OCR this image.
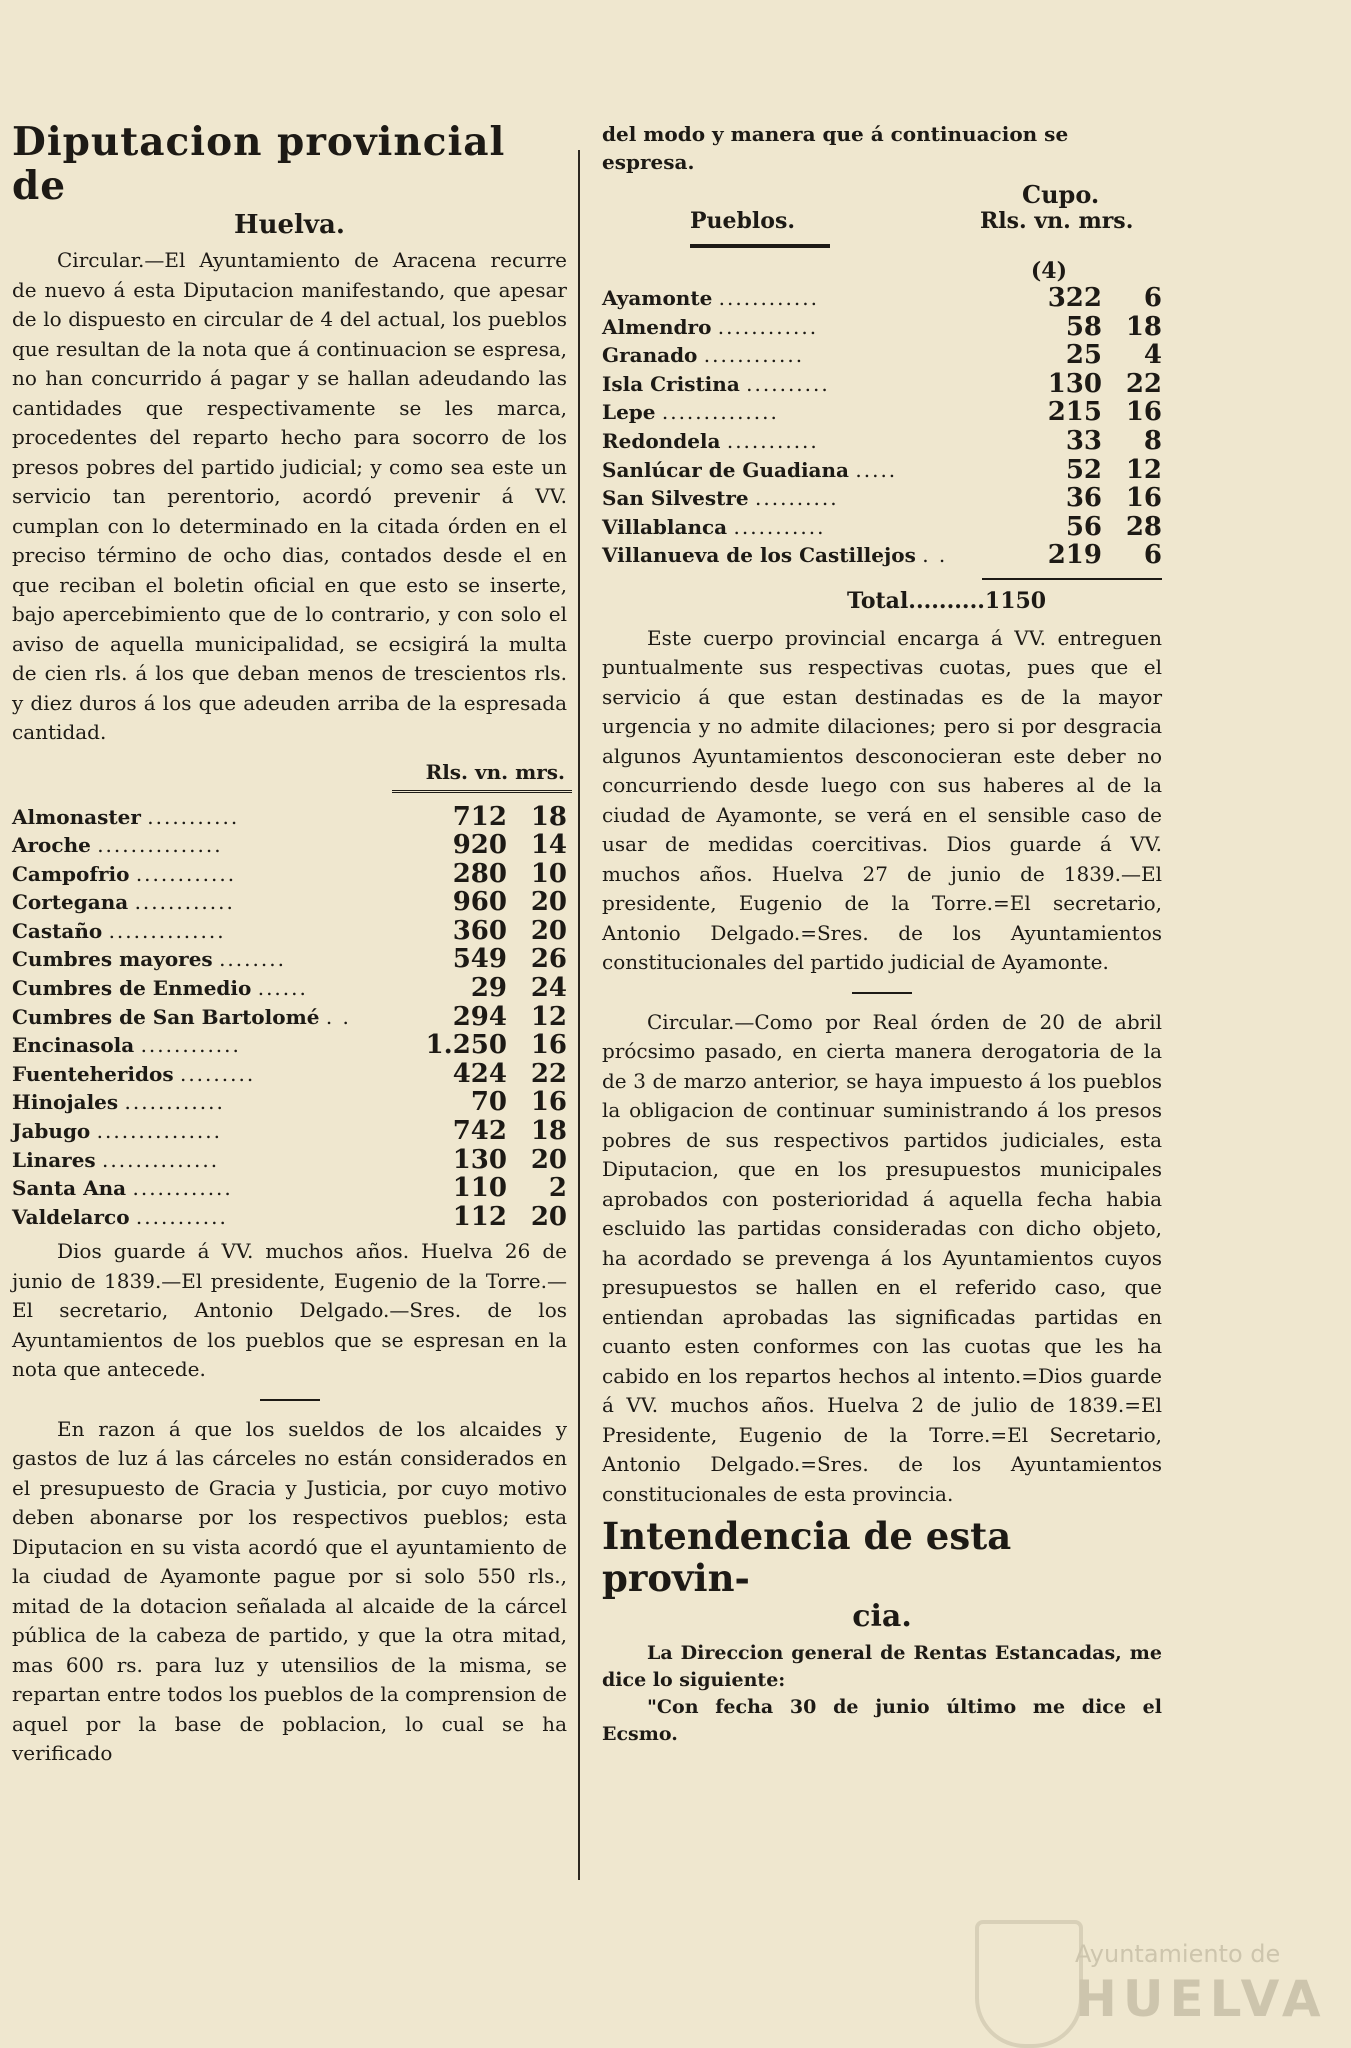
Diputacion provincial de
Huelva.

Circular.—El Ayuntamiento de Aracena recurre de nuevo á esta Diputacion manifestando, que apesar de lo dispuesto en circular de 4 del actual, los pueblos que resultan de la nota que á continuacion se espresa, no han concurrido á pagar y se hallan adeudando las cantidades que respectivamente se les marca, procedentes del reparto hecho para socorro de los presos pobres del partido judicial; y como sea este un servicio tan perentorio, acordó prevenir á VV. cumplan con lo determinado en la citada órden en el preciso término de ocho dias, contados desde el en que reciban el boletin oficial en que esto se inserte, bajo apercebimiento que de lo contrario, y con solo el aviso de aquella municipalidad, se ecsigirá la multa de cien rls. á los que deban menos de trescientos rls. y diez duros á los que adeuden arriba de la espresada cantidad.

Rls. vn. mrs.
Almonaster ...........	712	18
Aroche ...............	920	14
Campofrio ............	280	10
Cortegana ............	960	20
Castaño ..............	360	20
Cumbres mayores ........	549	26
Cumbres de Enmedio ......	29	24
Cumbres de San Bartolomé . .	294	12
Encinasola ............	1.250	16
Fuenteheridos .........	424	22
Hinojales ............	70	16
Jabugo ...............	742	18
Linares ..............	130	20
Santa Ana ............	110	2
Valdelarco ...........	112	20

Dios guarde á VV. muchos años. Huelva 26 de junio de 1839.—El presidente, Eugenio de la Torre.—El secretario, Antonio Delgado.—Sres. de los Ayuntamientos de los pueblos que se espresan en la nota que antecede.

En razon á que los sueldos de los alcaides y gastos de luz á las cárceles no están considerados en el presupuesto de Gracia y Justicia, por cuyo motivo deben abonarse por los respectivos pueblos; esta Diputacion en su vista acordó que el ayuntamiento de la ciudad de Ayamonte pague por si solo 550 rls., mitad de la dotacion señalada al alcaide de la cárcel pública de la cabeza de partido, y que la otra mitad, mas 600 rs. para luz y utensilios de la misma, se repartan entre todos los pueblos de la comprension de aquel por la base de poblacion, lo cual se ha verificado

del modo y manera que á continuacion se espresa.
Pueblos.
Cupo.
Rls. vn. mrs.
(4)
Ayamonte ............	322	6
Almendro ............	58	18
Granado ............	25	4
Isla Cristina ..........	130	22
Lepe ..............	215	16
Redondela ...........	33	8
Sanlúcar de Guadiana .....	52	12
San Silvestre ..........	36	16
Villablanca ...........	56	28
Villanueva de los Castillejos . .	219	6
Total..........1150

Este cuerpo provincial encarga á VV. entreguen puntualmente sus respectivas cuotas, pues que el servicio á que estan destinadas es de la mayor urgencia y no admite dilaciones; pero si por desgracia algunos Ayuntamientos desconocieran este deber no concurriendo desde luego con sus haberes al de la ciudad de Ayamonte, se verá en el sensible caso de usar de medidas coercitivas. Dios guarde á VV. muchos años. Huelva 27 de junio de 1839.—El presidente, Eugenio de la Torre.=El secretario, Antonio Delgado.=Sres. de los Ayuntamientos constitucionales del partido judicial de Ayamonte.

Circular.—Como por Real órden de 20 de abril prócsimo pasado, en cierta manera derogatoria de la de 3 de marzo anterior, se haya impuesto á los pueblos la obligacion de continuar suministrando á los presos pobres de sus respectivos partidos judiciales, esta Diputacion, que en los presupuestos municipales aprobados con posterioridad á aquella fecha habia escluido las partidas consideradas con dicho objeto, ha acordado se prevenga á los Ayuntamientos cuyos presupuestos se hallen en el referido caso, que entiendan aprobadas las significadas partidas en cuanto esten conformes con las cuotas que les ha cabido en los repartos hechos al intento.=Dios guarde á VV. muchos años. Huelva 2 de julio de 1839.=El Presidente, Eugenio de la Torre.=El Secretario, Antonio Delgado.=Sres. de los Ayuntamientos constitucionales de esta provincia.

Intendencia de esta provin-
cia.

La Direccion general de Rentas Estancadas, me dice lo siguiente:

"Con fecha 30 de junio último me dice el Ecsmo.

Ayuntamiento de
HUELVA
